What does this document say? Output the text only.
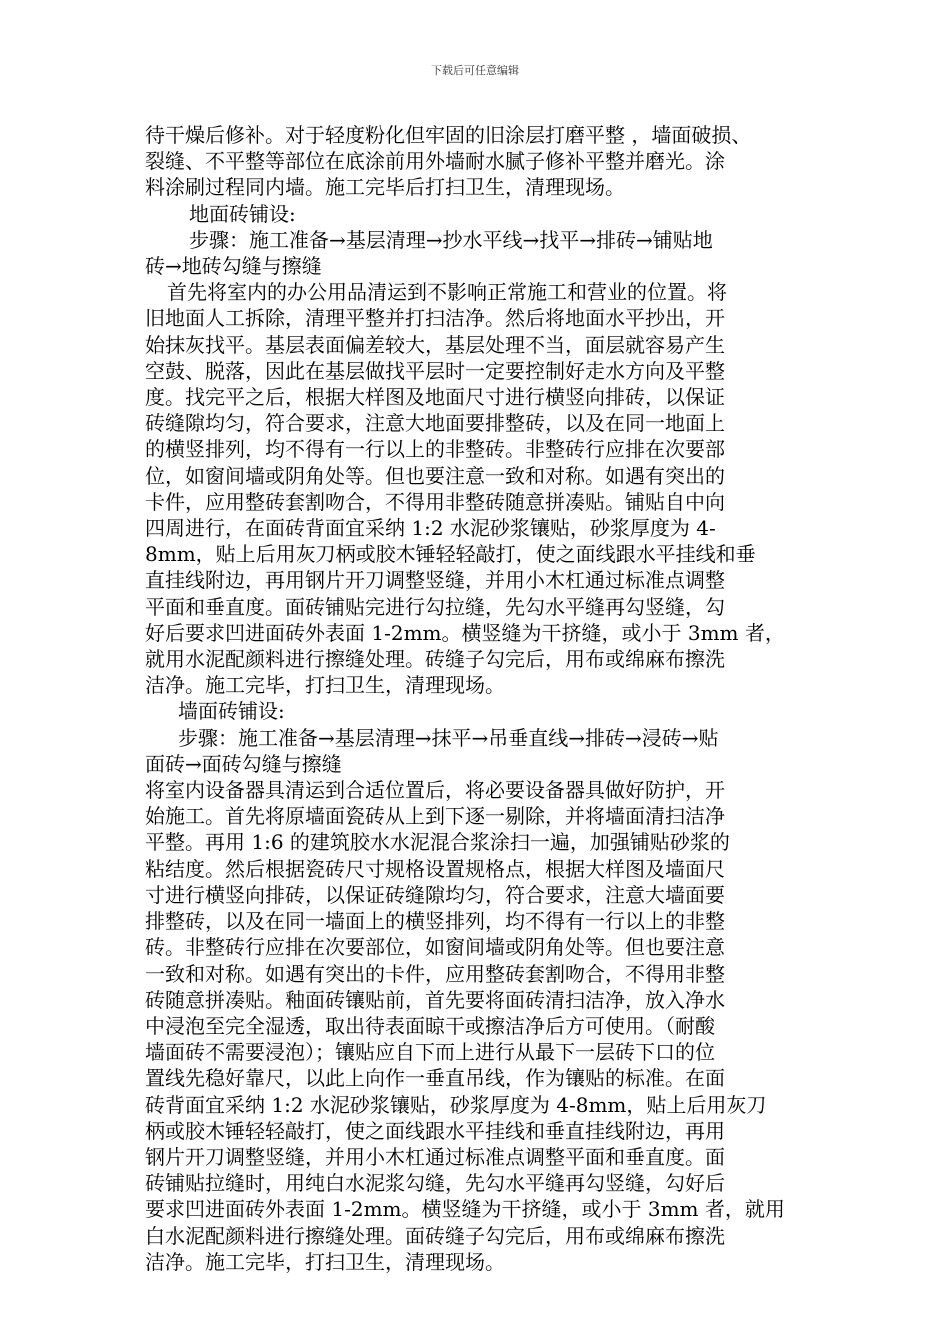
下载后可任意编辑

待干燥后修补。对于轻度粉化但牢固的旧涂层打磨平整 ，墙面破损、

裂缝、不平整等部位在底涂前用外墙耐水腻子修补平整并磨光。涂

料涂刷过程同内墙。施工完毕后打扫卫生，清理现场。

地面砖铺设:

步骤：施工准备→基层清理→抄水平线→找平→排砖→铺贴地

砖→地砖勾缝与擦缝

首先将室内的办公用品清运到不影响正常施工和营业的位置。将

旧地面人工拆除，清理平整并打扫洁净。然后将地面水平抄出，开

始抹灰找平。基层表面偏差较大，基层处理不当，面层就容易产生

空鼓、脱落，因此在基层做找平层时一定要控制好走水方向及平整

度。找完平之后，根据大样图及地面尺寸进行横竖向排砖，以保证

砖缝隙均匀，符合要求，注意大地面要排整砖，以及在同一地面上

的横竖排列，均不得有一行以上的非整砖。非整砖行应排在次要部

位，如窗间墙或阴角处等。但也要注意一致和对称。如遇有突出的

卡件，应用整砖套割吻合，不得用非整砖随意拼凑贴。铺贴自中向

四周进行，在面砖背面宜采纳 1:2 水泥砂浆镶贴，砂浆厚度为 4-

8mm，贴上后用灰刀柄或胶木锤轻轻敲打，使之面线跟水平挂线和垂

直挂线附边，再用钢片开刀调整竖缝，并用小木杠通过标准点调整

平面和垂直度。面砖铺贴完进行勾拉缝，先勾水平缝再勾竖缝，勾

好后要求凹进面砖外表面 1-2mm。横竖缝为干挤缝，或小于 3mm 者，

就用水泥配颜料进行擦缝处理。砖缝子勾完后，用布或绵麻布擦洗

洁净。施工完毕，打扫卫生，清理现场。

墙面砖铺设:

步骤：施工准备→基层清理→抹平→吊垂直线→排砖→浸砖→贴

面砖→面砖勾缝与擦缝

将室内设备器具清运到合适位置后，将必要设备器具做好防护，开

始施工。首先将原墙面瓷砖从上到下逐一剔除，并将墙面清扫洁净

平整。再用 1:6 的建筑胶水水泥混合浆涂扫一遍，加强铺贴砂浆的

粘结度。然后根据瓷砖尺寸规格设置规格点，根据大样图及墙面尺

寸进行横竖向排砖，以保证砖缝隙均匀，符合要求，注意大墙面要

排整砖，以及在同一墙面上的横竖排列，均不得有一行以上的非整

砖。非整砖行应排在次要部位，如窗间墙或阴角处等。但也要注意

一致和对称。如遇有突出的卡件，应用整砖套割吻合，不得用非整

砖随意拼凑贴。釉面砖镶贴前，首先要将面砖清扫洁净，放入净水

中浸泡至完全湿透，取出待表面晾干或擦洁净后方可使用。（耐酸

墙面砖不需要浸泡）；镶贴应自下而上进行从最下一层砖下口的位

置线先稳好靠尺，以此上向作一垂直吊线，作为镶贴的标准。在面

砖背面宜采纳 1:2 水泥砂浆镶贴，砂浆厚度为 4-8mm，贴上后用灰刀

柄或胶木锤轻轻敲打，使之面线跟水平挂线和垂直挂线附边，再用

钢片开刀调整竖缝，并用小木杠通过标准点调整平面和垂直度。面

砖铺贴拉缝时，用纯白水泥浆勾缝，先勾水平缝再勾竖缝，勾好后

要求凹进面砖外表面 1-2mm。横竖缝为干挤缝，或小于 3mm 者，就用

白水泥配颜料进行擦缝处理。面砖缝子勾完后，用布或绵麻布擦洗

洁净。施工完毕，打扫卫生，清理现场。
